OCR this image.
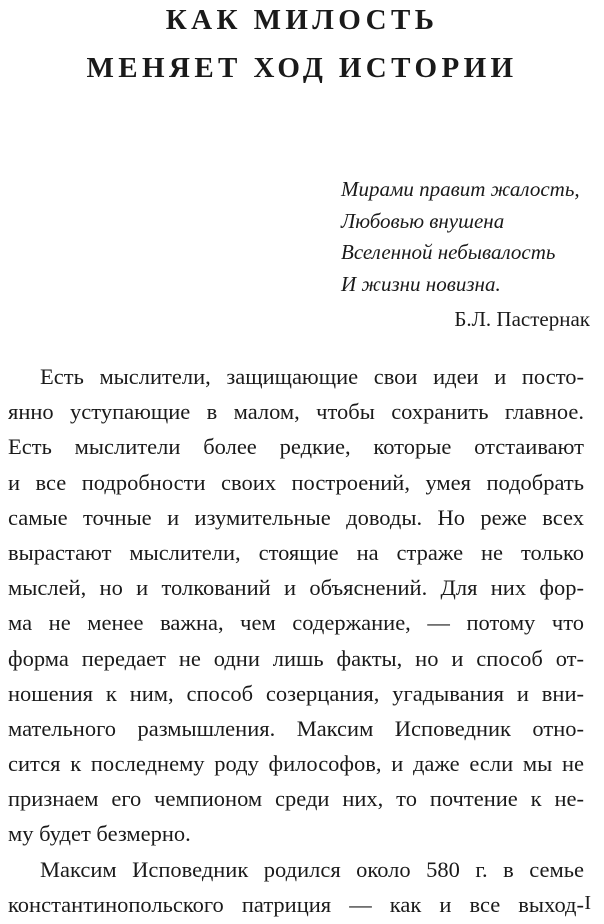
КАК МИЛОСТЬ
МЕНЯЕТ ХОД ИСТОРИИ
Мирами правит жалость,
Любовью внушена
Вселенной небывалость
И жизни новизна.
Б.Л. Пастернак
Есть мыслители, защищающие свои идеи и посто-
янно уступающие в малом, чтобы сохранить главное.
Есть мыслители более редкие, которые отстаивают
и все подробности своих построений, умея подобрать
самые точные и изумительные доводы. Но реже всех
вырастают мыслители, стоящие на страже не только
мыслей, но и толкований и объяснений. Для них фор-
ма не менее важна, чем содержание, — потому что
форма передает не одни лишь факты, но и способ от-
ношения к ним, способ созерцания, угадывания и вни-
мательного размышления. Максим Исповедник отно-
сится к последнему роду философов, и даже если мы не
признаем его чемпионом среди них, то почтение к не-
му будет безмерно.
Максим Исповедник родился около 580 г. в семье
константинопольского патриция — как и все выход- I
